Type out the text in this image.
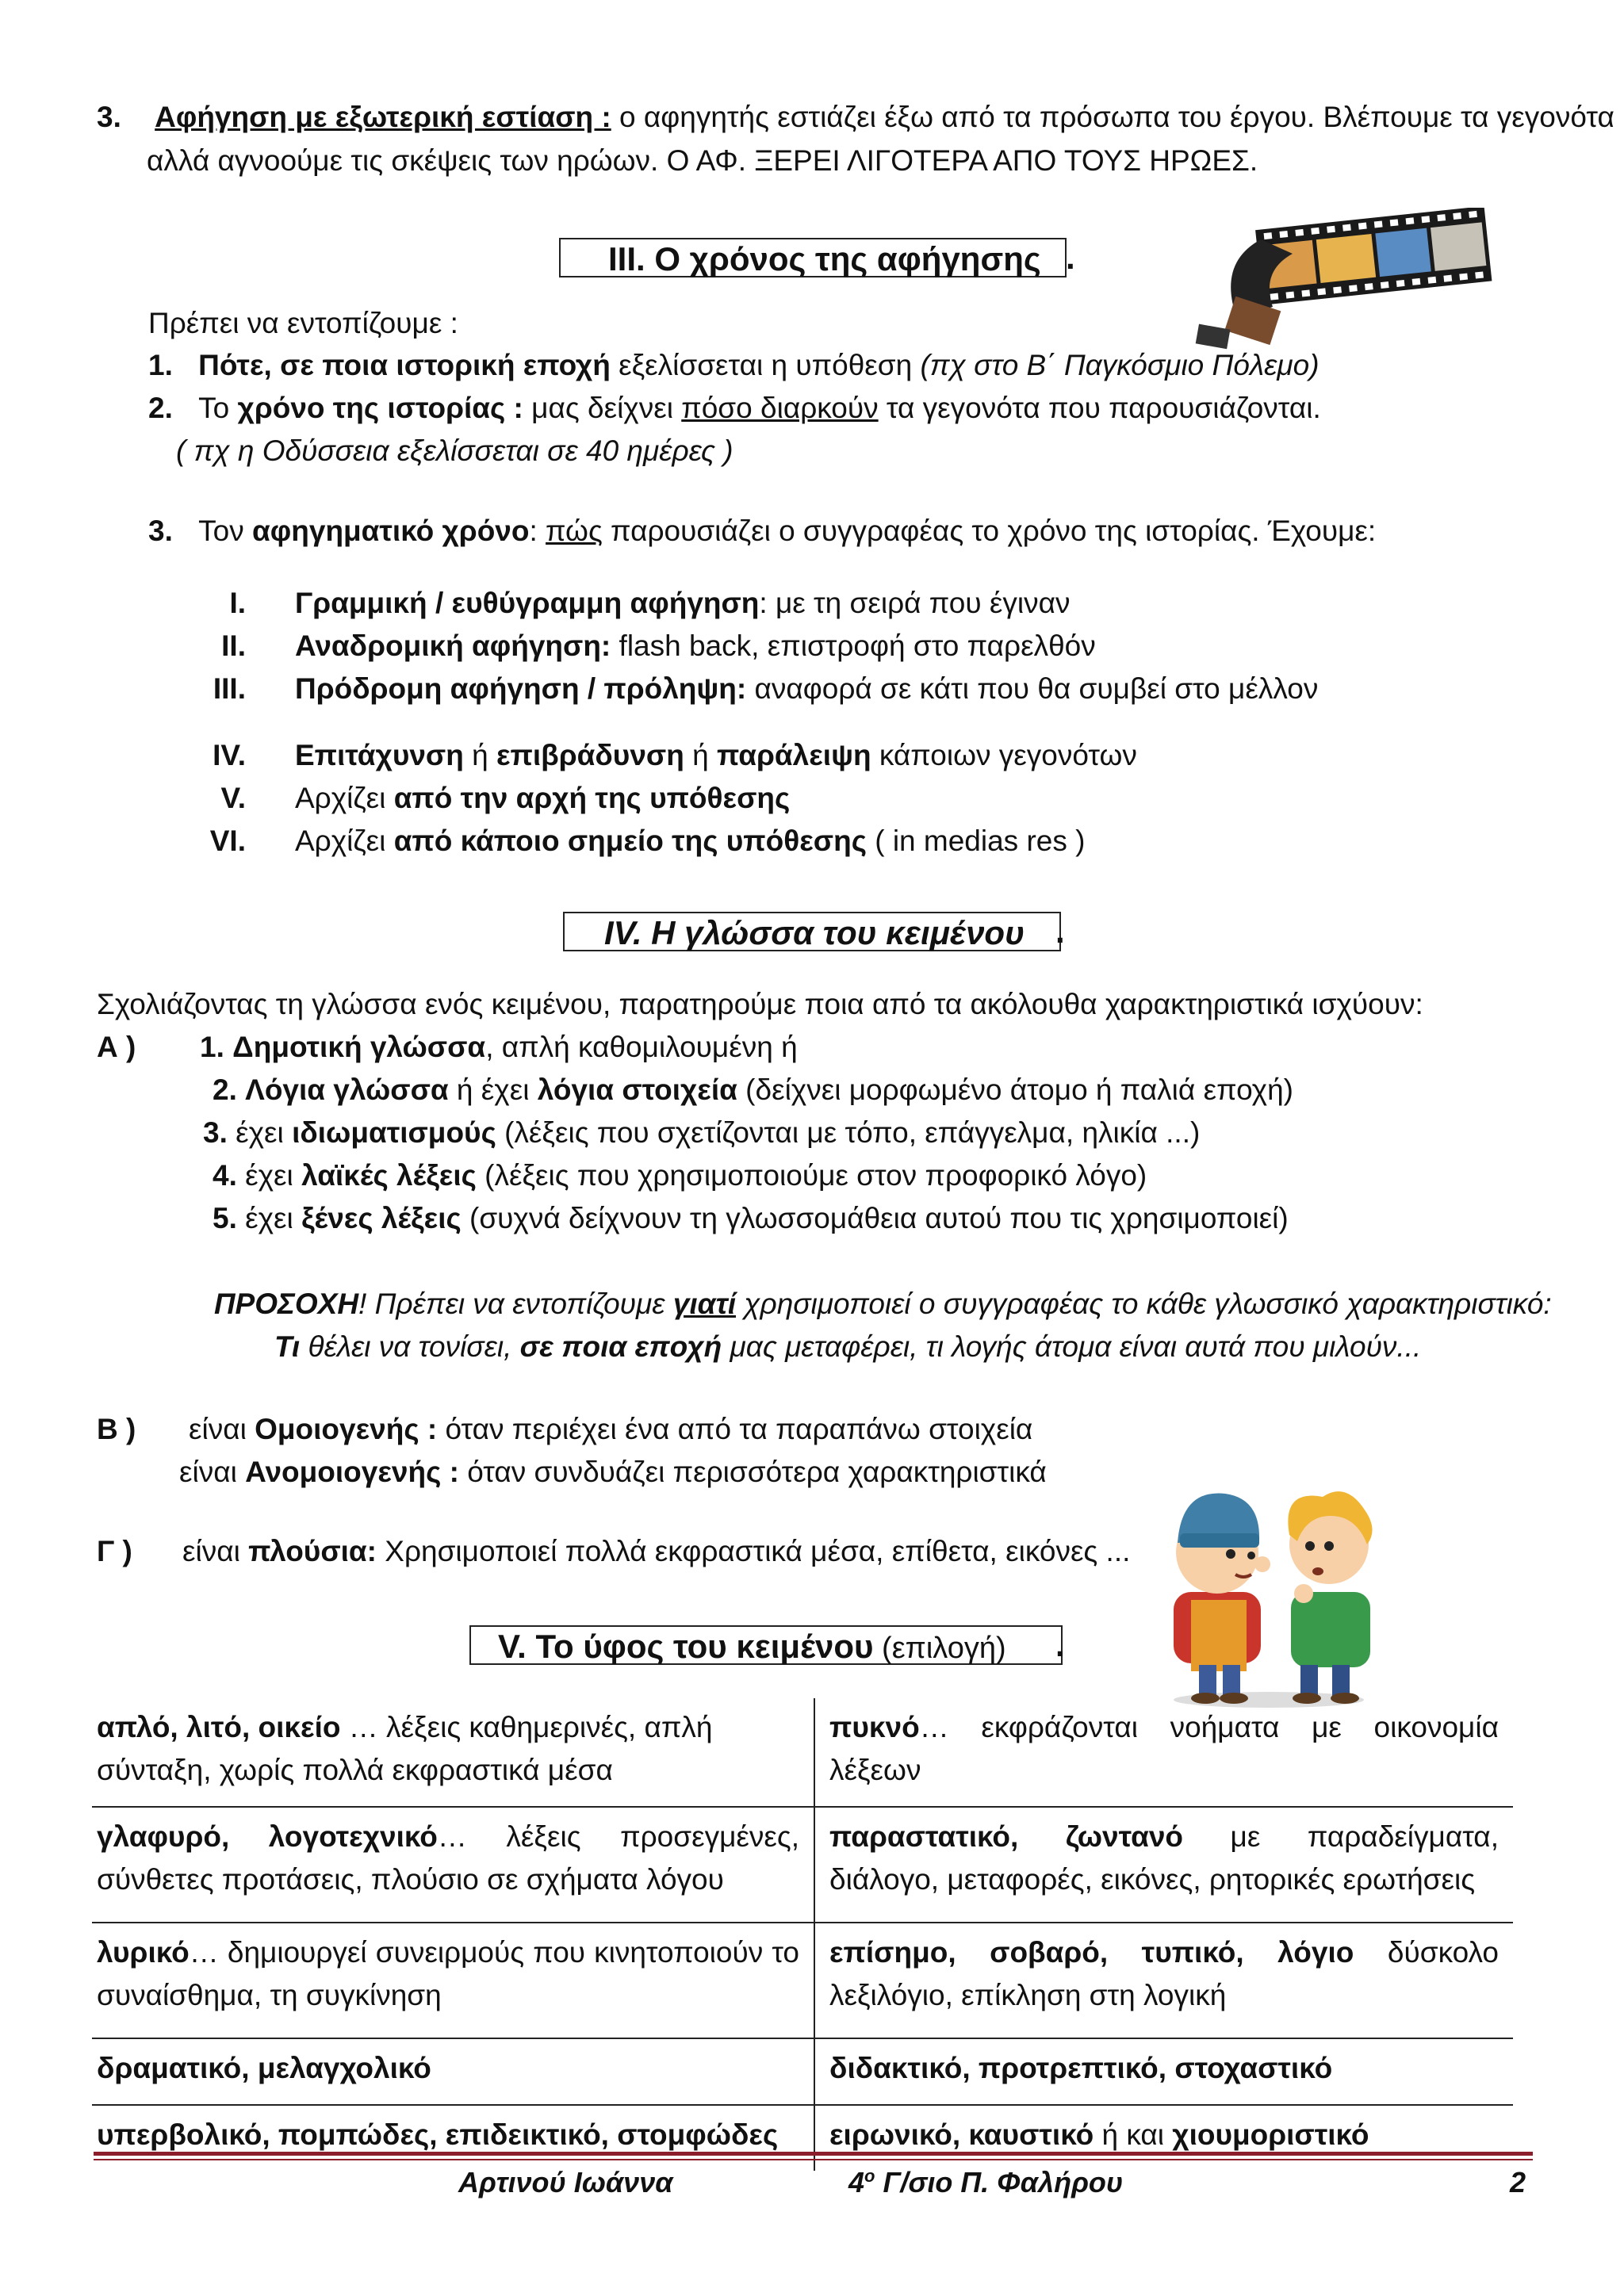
3. Αφήγηση με εξωτερική εστίαση : ο αφηγητής εστιάζει έξω από τα πρόσωπα του έργου. Βλέπουμε τα γεγονότα
αλλά αγνοούμε τις σκέψεις των ηρώων. Ο ΑΦ. ΞΕΡΕΙ ΛΙΓΟΤΕΡΑ ΑΠΟ ΤΟΥΣ ΗΡΩΕΣ.
III. Ο χρόνος της αφήγησης .
Πρέπει να εντοπίζουμε :
1. Πότε, σε ποια ιστορική εποχή εξελίσσεται η υπόθεση (πχ στο Β΄ Παγκόσμιο Πόλεμο)
2. Το χρόνο της ιστορίας : μας δείχνει πόσο διαρκούν τα γεγονότα που παρουσιάζονται.
( πχ η Οδύσσεια εξελίσσεται σε 40 ημέρες )
3. Τον αφηγηματικό χρόνο: πώς παρουσιάζει ο συγγραφέας το χρόνο της ιστορίας. Έχουμε:
I. Γραμμική / ευθύγραμμη αφήγηση: με τη σειρά που έγιναν
II. Αναδρομική αφήγηση: flash back, επιστροφή στο παρελθόν
III. Πρόδρομη αφήγηση / πρόληψη: αναφορά σε κάτι που θα συμβεί στο μέλλον
IV. Επιτάχυνση ή επιβράδυνση ή παράλειψη κάποιων γεγονότων
V. Αρχίζει από την αρχή της υπόθεσης
VI. Αρχίζει από κάποιο σημείο της υπόθεσης ( in medias res )
IV. Η γλώσσα του κειμένου .
Σχολιάζοντας τη γλώσσα ενός κειμένου, παρατηρούμε ποια από τα ακόλουθα χαρακτηριστικά ισχύουν:
Α ) 1. Δημοτική γλώσσα, απλή καθομιλουμένη ή
2. Λόγια γλώσσα ή έχει λόγια στοιχεία (δείχνει μορφωμένο άτομο ή παλιά εποχή)
3. έχει ιδιωματισμούς (λέξεις που σχετίζονται με τόπο, επάγγελμα, ηλικία ...)
4. έχει λαϊκές λέξεις (λέξεις που χρησιμοποιούμε στον προφορικό λόγο)
5. έχει ξένες λέξεις (συχνά δείχνουν τη γλωσσομάθεια αυτού που τις χρησιμοποιεί)
ΠΡΟΣΟΧΗ! Πρέπει να εντοπίζουμε γιατί χρησιμοποιεί ο συγγραφέας το κάθε γλωσσικό χαρακτηριστικό:
Τι θέλει να τονίσει, σε ποια εποχή μας μεταφέρει, τι λογής άτομα είναι αυτά που μιλούν...
Β ) είναι Ομοιογενής : όταν περιέχει ένα από τα παραπάνω στοιχεία
είναι Ανομοιογενής : όταν συνδυάζει περισσότερα χαρακτηριστικά
Γ ) είναι πλούσια: Χρησιμοποιεί πολλά εκφραστικά μέσα, επίθετα, εικόνες ...
V. Το ύφος του κειμένου (επιλογή)	.
απλό, λιτό, οικείο … λέξεις καθημερινές, απλή σύνταξη, χωρίς πολλά εκφραστικά μέσα	πυκνό… εκφράζονται νοήματα με οικονομία λέξεων
γλαφυρό, λογοτεχνικό… λέξεις προσεγμένες, σύνθετες προτάσεις, πλούσιο σε σχήματα λόγου	παραστατικό, ζωντανό με παραδείγματα, διάλογο, μεταφορές, εικόνες, ρητορικές ερωτήσεις
λυρικό… δημιουργεί συνειρμούς που κινητοποιούν το συναίσθημα, τη συγκίνηση	επίσημο, σοβαρό, τυπικό, λόγιο δύσκολο λεξιλόγιο, επίκληση στη λογική
δραματικό, μελαγχολικό	διδακτικό, προτρεπτικό, στοχαστικό
υπερβολικό, πομπώδες, επιδεικτικό, στομφώδες	ειρωνικό, καυστικό ή και χιουμοριστικό
Αρτινού Ιωάννα	$4^o$ Γ/σιο Π. Φαλήρου	2
